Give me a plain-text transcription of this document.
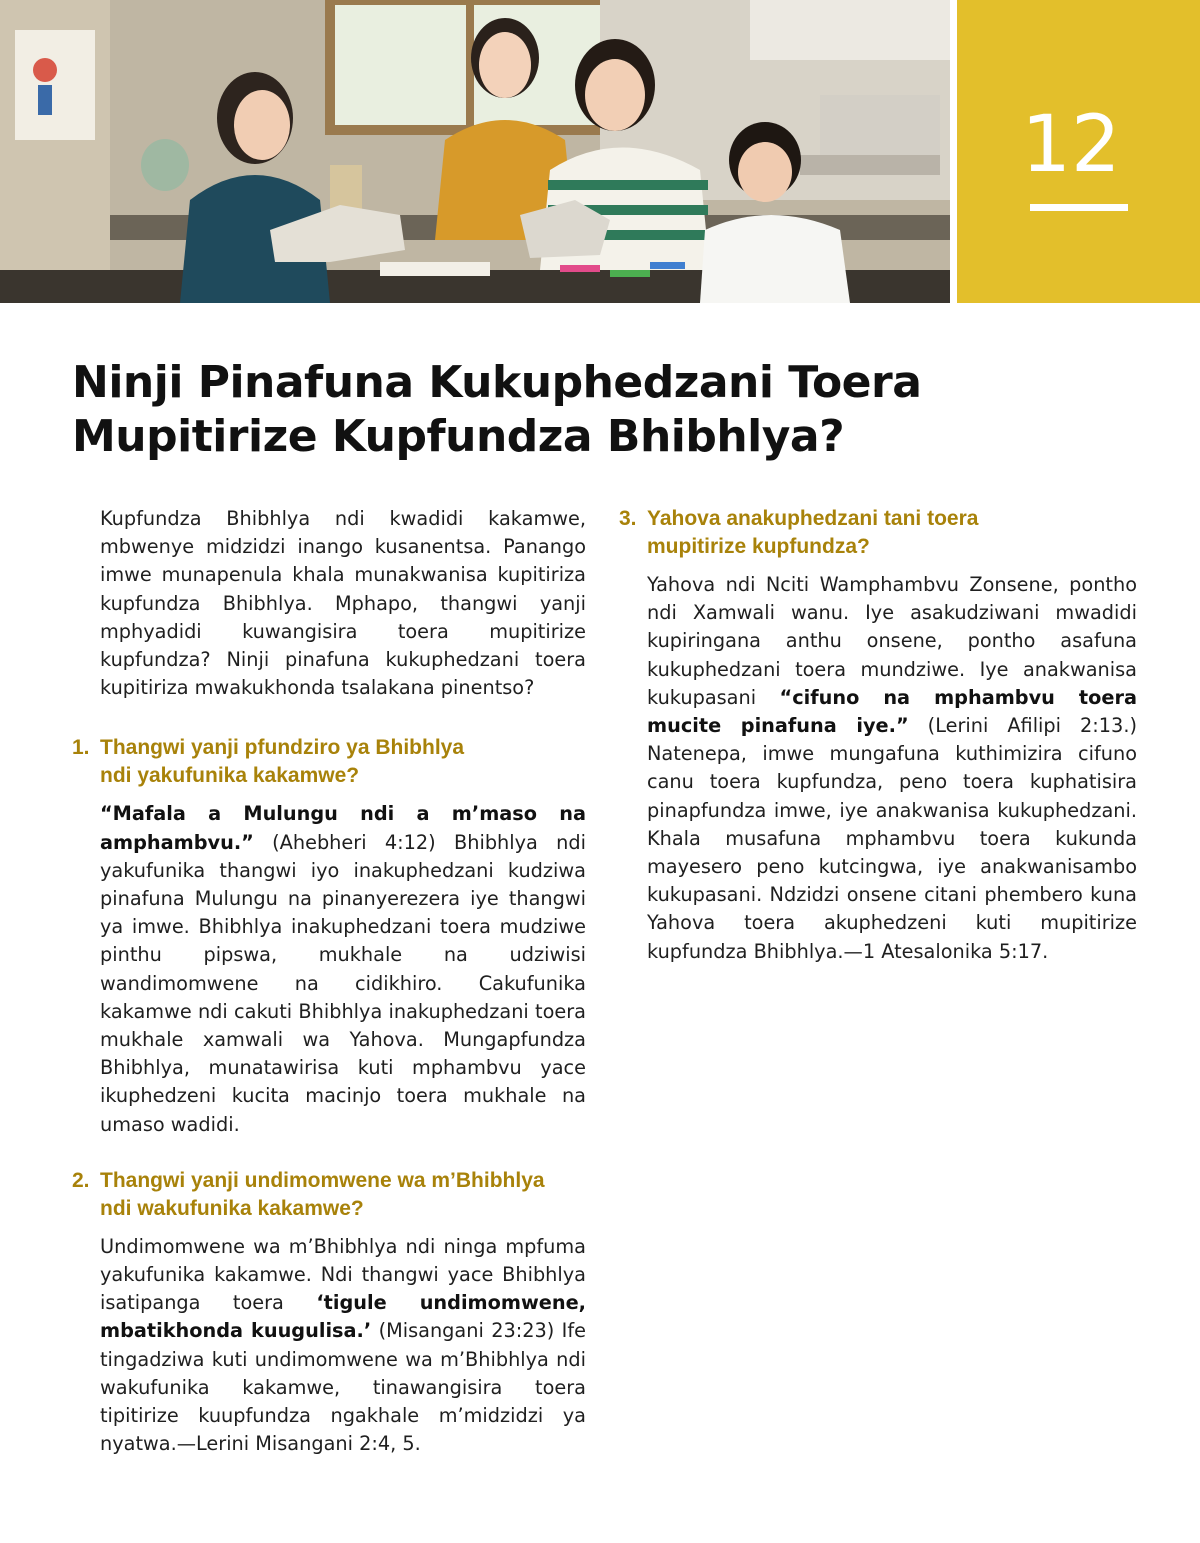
12
Ninji Pinafuna Kukuphedzani Toera
Mupitirize Kupfundza Bhibhlya?

Kupfundza Bhibhlya ndi kwadidi kakamwe, mbwenye midzidzi inango kusanentsa. Panango imwe munapenula khala munakwanisa kupitiriza kupfundza Bhibhlya. Mphapo, thangwi yanji mphyadidi kuwangisira toera mupitirize kupfundza? Ninji pinafuna kukuphedzani toera kupitiriza mwakukhonda tsalakana pinentso?

1. Thangwi yanji pfundziro ya Bhibhlya
ndi yakufunika kakamwe?

“Mafala a Mulungu ndi a m’maso na amphambvu.” (Ahebheri 4:12) Bhibhlya ndi yakufunika thangwi iyo inakuphedzani kudziwa pinafuna Mulungu na pinanyerezera iye thangwi ya imwe. Bhibhlya inakuphedzani toera mudziwe pinthu pipswa, mukhale na udziwisi wandimomwene na cidikhiro. Cakufunika kakamwe ndi cakuti Bhibhlya inakuphedzani toera mukhale xamwali wa Yahova. Mungapfundza Bhibhlya, munatawirisa kuti mphambvu yace ikuphedzeni kucita macinjo toera mukhale na umaso wadidi.

2. Thangwi yanji undimomwene wa m’Bhibhlya
ndi wakufunika kakamwe?

Undimomwene wa m’Bhibhlya ndi ninga mpfuma yakufunika kakamwe. Ndi thangwi yace Bhibhlya isatipanga toera ‘tigule undimomwene, mbatikhonda kuugulisa.’ (Misangani 23:23) Ife tingadziwa kuti undimomwene wa m’Bhibhlya ndi wakufunika kakamwe, tinawangisira toera tipitirize kuupfundza ngakhale m’midzidzi ya nyatwa.—Lerini Misangani 2:4, 5.

3. Yahova anakuphedzani tani toera
mupitirize kupfundza?

Yahova ndi Nciti Wamphambvu Zonsene, pontho ndi Xamwali wanu. Iye asakudziwani mwadidi kupiringana anthu onsene, pontho asafuna kukuphedzani toera mundziwe. Iye anakwanisa kukupasani “cifuno na mphambvu toera mucite pinafuna iye.” (Lerini Afilipi 2:13.) Natenepa, imwe mungafuna kuthimizira cifuno canu toera kupfundza, peno toera kuphatisira pinapfundza imwe, iye anakwanisa kukuphedzani. Khala musafuna mphambvu toera kukunda mayesero peno kutcingwa, iye anakwanisambo kukupasani. Ndzidzi onsene citani phembero kuna Yahova toera akuphedzeni kuti mupitirize kupfundza Bhibhlya.—1 Atesalonika 5:17.
